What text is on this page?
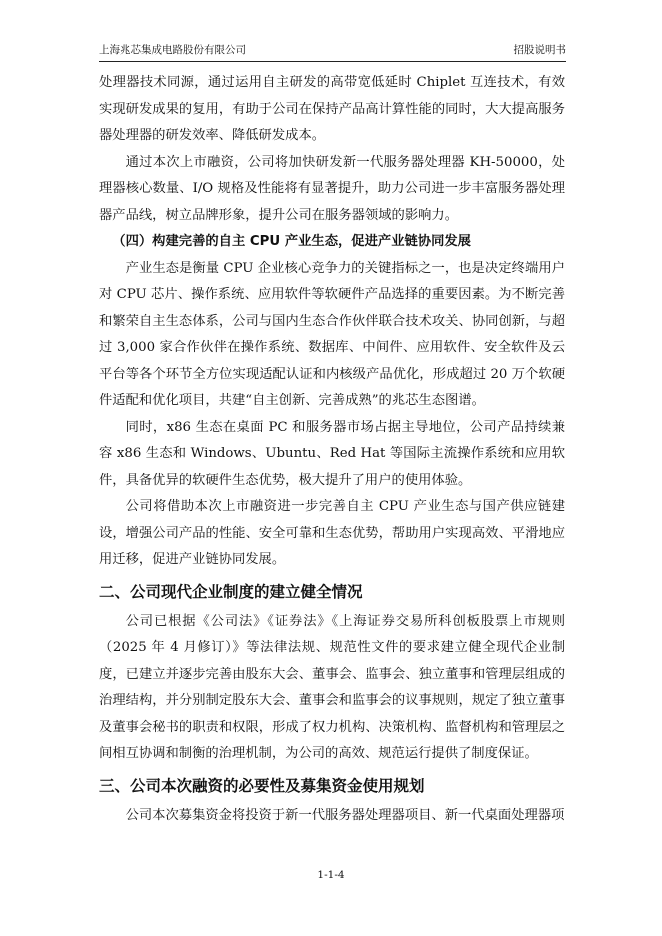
上海兆芯集成电路股份有限公司	招股说明书

处理器技术同源，通过运用自主研发的高带宽低延时 Chiplet 互连技术，有效实现研发成果的复用，有助于公司在保持产品高计算性能的同时，大大提高服务器处理器的研发效率、降低研发成本。

通过本次上市融资，公司将加快研发新一代服务器处理器 KH-50000，处理器核心数量、I/O 规格及性能将有显著提升，助力公司进一步丰富服务器处理器产品线，树立品牌形象，提升公司在服务器领域的影响力。

（四）构建完善的自主 CPU 产业生态，促进产业链协同发展

产业生态是衡量 CPU 企业核心竞争力的关键指标之一，也是决定终端用户对 CPU 芯片、操作系统、应用软件等软硬件产品选择的重要因素。为不断完善和繁荣自主生态体系，公司与国内生态合作伙伴联合技术攻关、协同创新，与超过 3,000 家合作伙伴在操作系统、数据库、中间件、应用软件、安全软件及云平台等各个环节全方位实现适配认证和内核级产品优化，形成超过 20 万个软硬件适配和优化项目，共建“自主创新、完善成熟”的兆芯生态图谱。

同时，x86 生态在桌面 PC 和服务器市场占据主导地位，公司产品持续兼容 x86 生态和 Windows、Ubuntu、Red Hat 等国际主流操作系统和应用软件，具备优异的软硬件生态优势，极大提升了用户的使用体验。

公司将借助本次上市融资进一步完善自主 CPU 产业生态与国产供应链建设，增强公司产品的性能、安全可靠和生态优势，帮助用户实现高效、平滑地应用迁移，促进产业链协同发展。

二、公司现代企业制度的建立健全情况

公司已根据《公司法》《证券法》《上海证券交易所科创板股票上市规则（2025 年 4 月修订）》等法律法规、规范性文件的要求建立健全现代企业制度，已建立并逐步完善由股东大会、董事会、监事会、独立董事和管理层组成的治理结构，并分别制定股东大会、董事会和监事会的议事规则，规定了独立董事及董事会秘书的职责和权限，形成了权力机构、决策机构、监督机构和管理层之间相互协调和制衡的治理机制，为公司的高效、规范运行提供了制度保证。

三、公司本次融资的必要性及募集资金使用规划

公司本次募集资金将投资于新一代服务器处理器项目、新一代桌面处理器项

1-1-4
